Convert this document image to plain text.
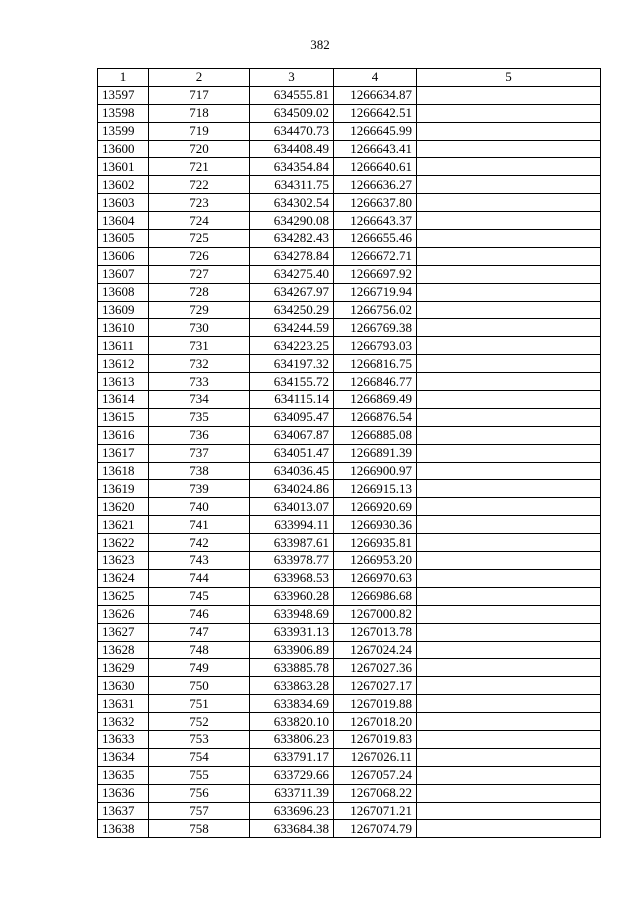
382
1	2	3	4	5
13597	717	634555.81	1266634.87	
13598	718	634509.02	1266642.51	
13599	719	634470.73	1266645.99	
13600	720	634408.49	1266643.41	
13601	721	634354.84	1266640.61	
13602	722	634311.75	1266636.27	
13603	723	634302.54	1266637.80	
13604	724	634290.08	1266643.37	
13605	725	634282.43	1266655.46	
13606	726	634278.84	1266672.71	
13607	727	634275.40	1266697.92	
13608	728	634267.97	1266719.94	
13609	729	634250.29	1266756.02	
13610	730	634244.59	1266769.38	
13611	731	634223.25	1266793.03	
13612	732	634197.32	1266816.75	
13613	733	634155.72	1266846.77	
13614	734	634115.14	1266869.49	
13615	735	634095.47	1266876.54	
13616	736	634067.87	1266885.08	
13617	737	634051.47	1266891.39	
13618	738	634036.45	1266900.97	
13619	739	634024.86	1266915.13	
13620	740	634013.07	1266920.69	
13621	741	633994.11	1266930.36	
13622	742	633987.61	1266935.81	
13623	743	633978.77	1266953.20	
13624	744	633968.53	1266970.63	
13625	745	633960.28	1266986.68	
13626	746	633948.69	1267000.82	
13627	747	633931.13	1267013.78	
13628	748	633906.89	1267024.24	
13629	749	633885.78	1267027.36	
13630	750	633863.28	1267027.17	
13631	751	633834.69	1267019.88	
13632	752	633820.10	1267018.20	
13633	753	633806.23	1267019.83	
13634	754	633791.17	1267026.11	
13635	755	633729.66	1267057.24	
13636	756	633711.39	1267068.22	
13637	757	633696.23	1267071.21	
13638	758	633684.38	1267074.79	
